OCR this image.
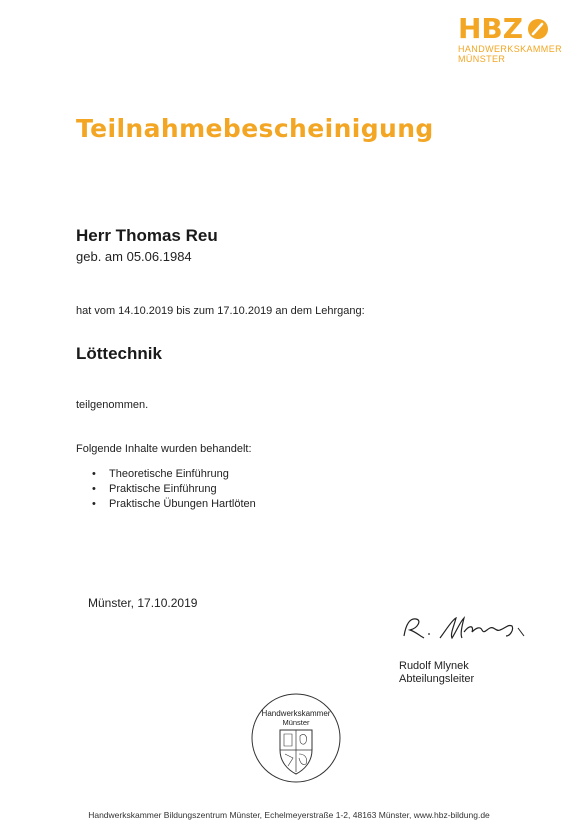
HBZ
HANDWERKSKAMMER
MÜNSTER
Teilnahmebescheinigung
Herr Thomas Reu
geb. am 05.06.1984
hat vom 14.10.2019 bis zum 17.10.2019 an dem Lehrgang:
Löttechnik
teilgenommen.
Folgende Inhalte wurden behandelt:
•	Theoretische Einführung
•	Praktische Einführung
•	Praktische Übungen Hartlöten
Münster, 17.10.2019
Rudolf Mlynek
Abteilungsleiter
Handwerkskammer
Münster
Handwerkskammer Bildungszentrum Münster, Echelmeyerstraße 1-2, 48163 Münster, www.hbz-bildung.de
